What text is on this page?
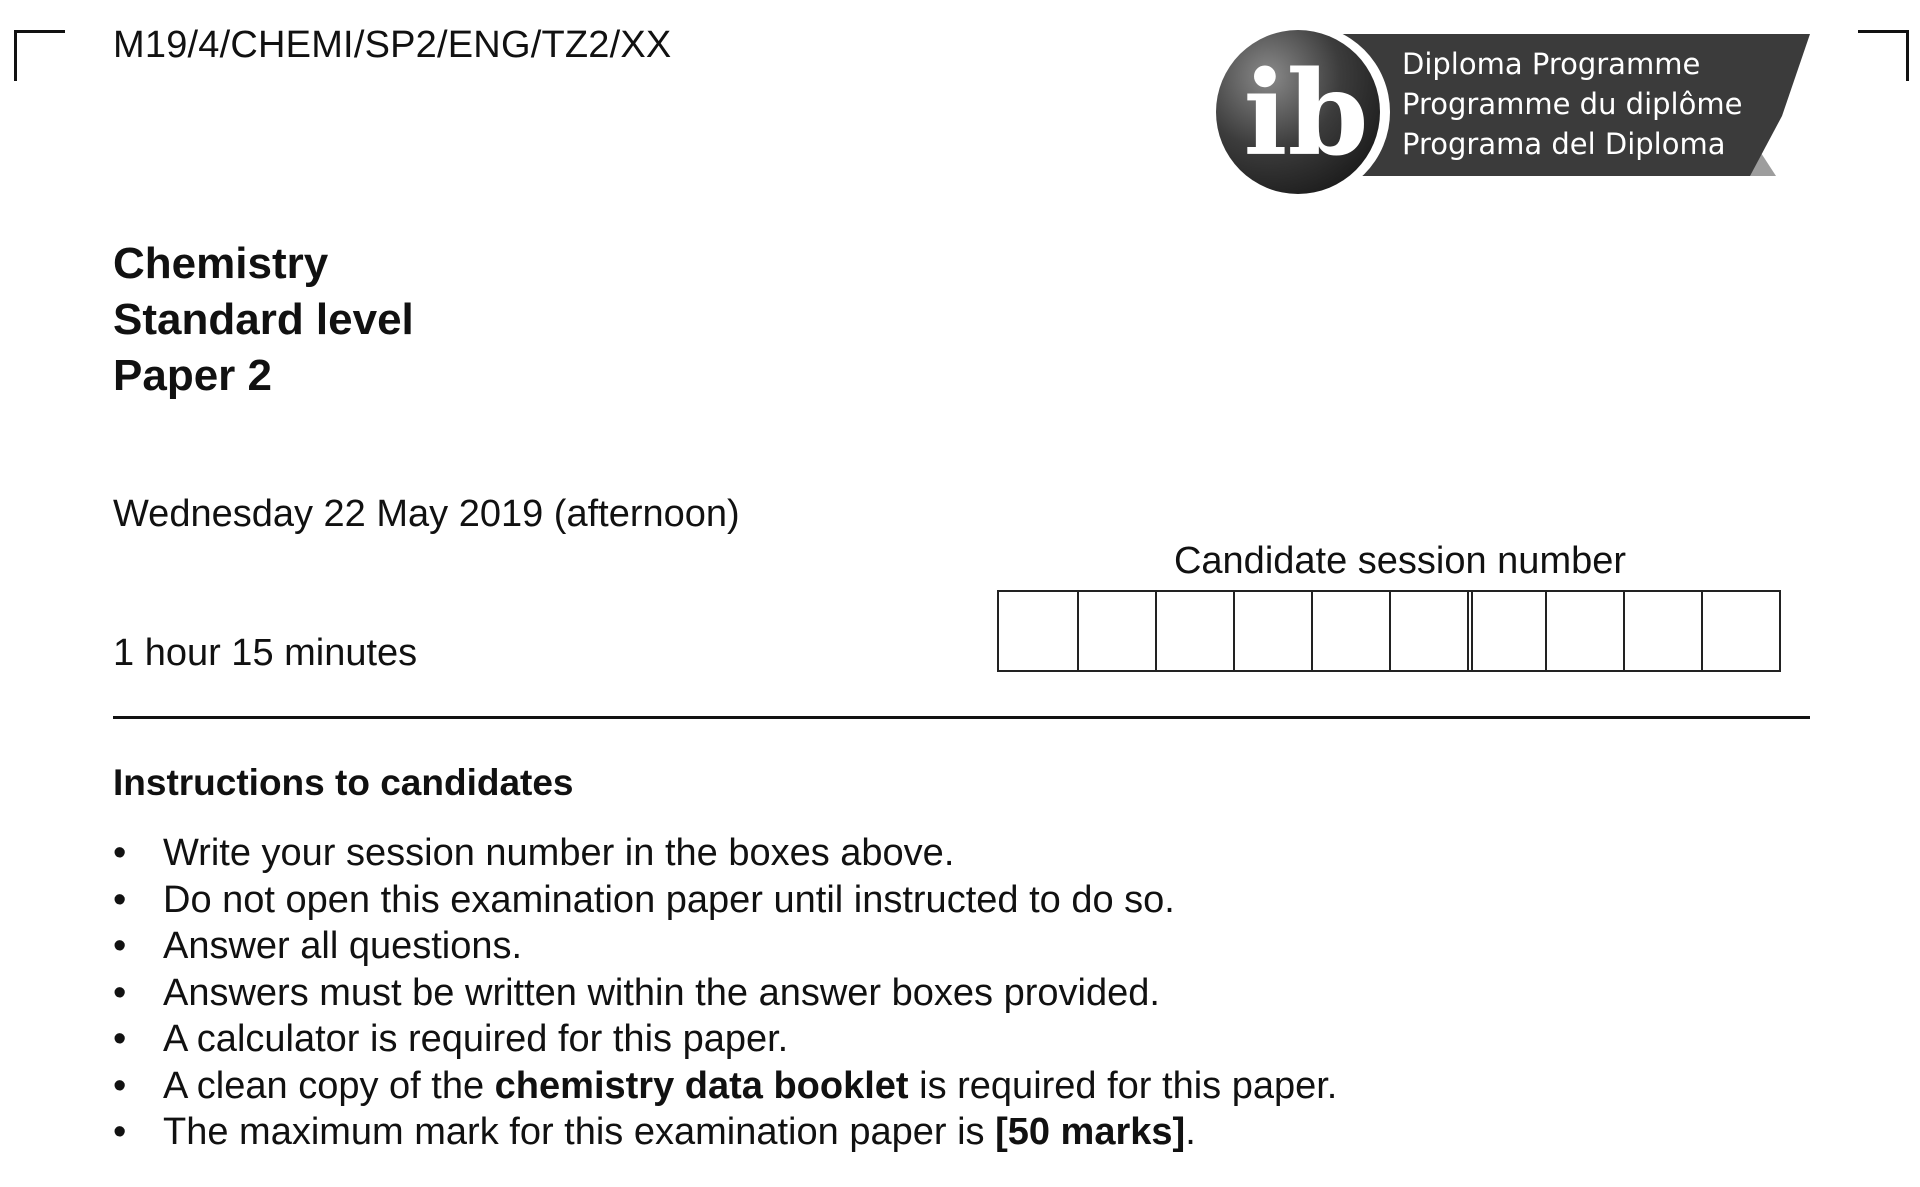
M19/4/CHEMI/SP2/ENG/TZ2/XX
ib Diploma Programme
Programme du diplôme
Programa del Diploma
Chemistry
Standard level
Paper 2
Wednesday 22 May 2019 (afternoon)
1 hour 15 minutes
Candidate session number
Instructions to candidates
• Write your session number in the boxes above.
• Do not open this examination paper until instructed to do so.
• Answer all questions.
• Answers must be written within the answer boxes provided.
• A calculator is required for this paper.
• A clean copy of the chemistry data booklet is required for this paper.
• The maximum mark for this examination paper is [50 marks].
